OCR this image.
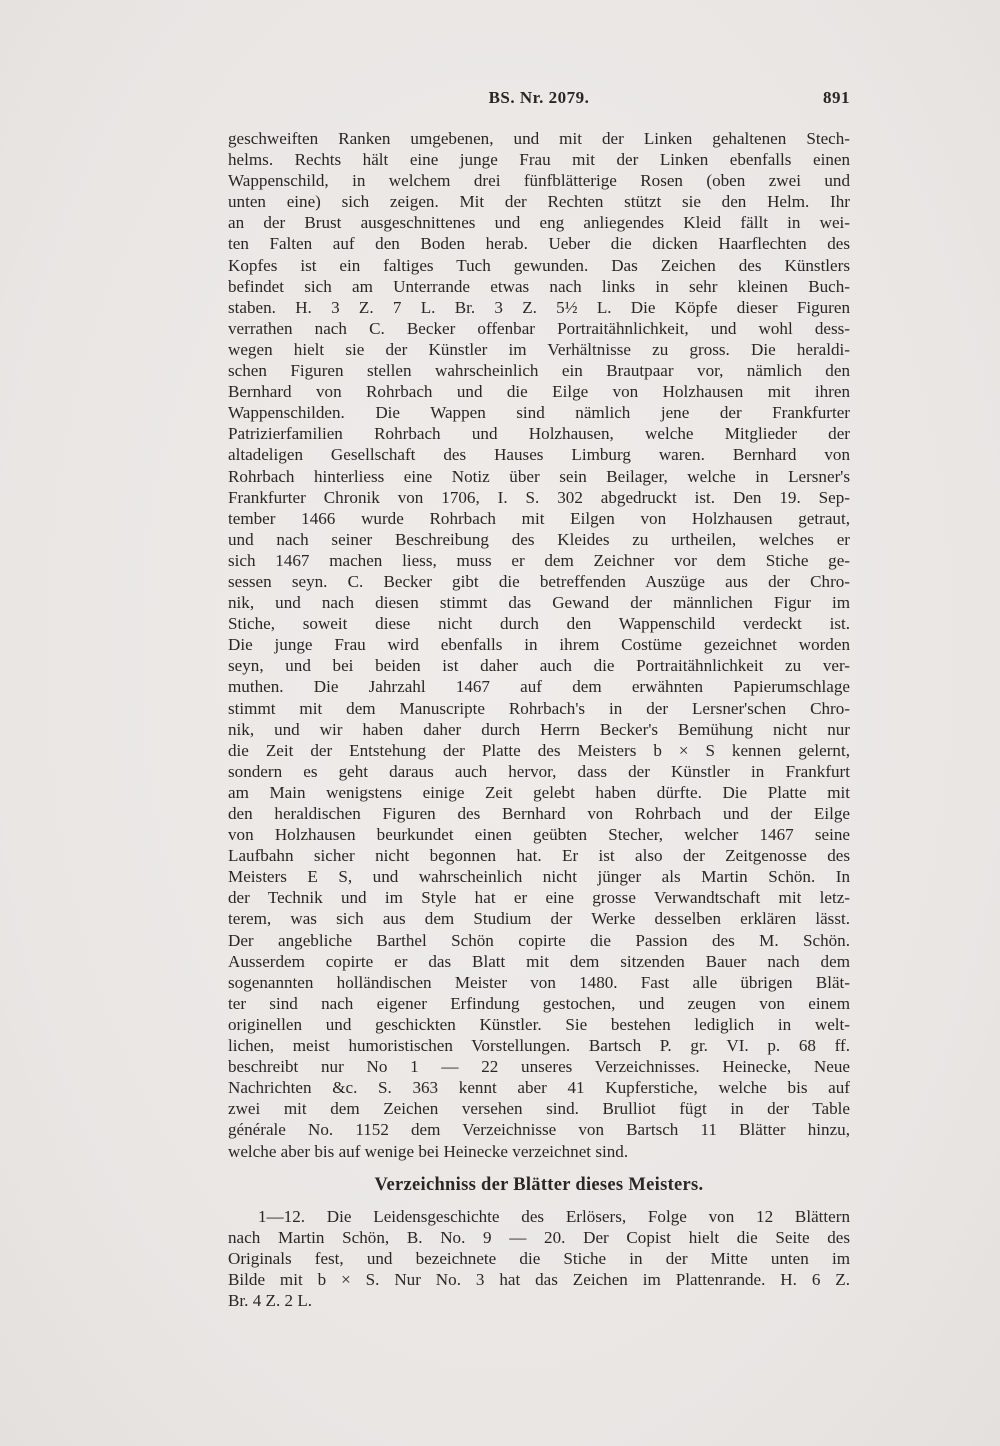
BS. Nr. 2079.	891
geschweiften Ranken umgebenen, und mit der Linken gehaltenen Stech-
helms. Rechts hält eine junge Frau mit der Linken ebenfalls einen
Wappenschild, in welchem drei fünfblätterige Rosen (oben zwei und
unten eine) sich zeigen. Mit der Rechten stützt sie den Helm. Ihr
an der Brust ausgeschnittenes und eng anliegendes Kleid fällt in wei-
ten Falten auf den Boden herab. Ueber die dicken Haarflechten des
Kopfes ist ein faltiges Tuch gewunden. Das Zeichen des Künstlers
befindet sich am Unterrande etwas nach links in sehr kleinen Buch-
staben. H. 3 Z. 7 L. Br. 3 Z. 5½ L. Die Köpfe dieser Figuren
verrathen nach C. Becker offenbar Portraitähnlichkeit, und wohl dess-
wegen hielt sie der Künstler im Verhältnisse zu gross. Die heraldi-
schen Figuren stellen wahrscheinlich ein Brautpaar vor, nämlich den
Bernhard von Rohrbach und die Eilge von Holzhausen mit ihren
Wappenschilden. Die Wappen sind nämlich jene der Frankfurter
Patrizierfamilien Rohrbach und Holzhausen, welche Mitglieder der
altadeligen Gesellschaft des Hauses Limburg waren. Bernhard von
Rohrbach hinterliess eine Notiz über sein Beilager, welche in Lersner's
Frankfurter Chronik von 1706, I. S. 302 abgedruckt ist. Den 19. Sep-
tember 1466 wurde Rohrbach mit Eilgen von Holzhausen getraut,
und nach seiner Beschreibung des Kleides zu urtheilen, welches er
sich 1467 machen liess, muss er dem Zeichner vor dem Stiche ge-
sessen seyn. C. Becker gibt die betreffenden Auszüge aus der Chro-
nik, und nach diesen stimmt das Gewand der männlichen Figur im
Stiche, soweit diese nicht durch den Wappenschild verdeckt ist.
Die junge Frau wird ebenfalls in ihrem Costüme gezeichnet worden
seyn, und bei beiden ist daher auch die Portraitähnlichkeit zu ver-
muthen. Die Jahrzahl 1467 auf dem erwähnten Papierumschlage
stimmt mit dem Manuscripte Rohrbach's in der Lersner'schen Chro-
nik, und wir haben daher durch Herrn Becker's Bemühung nicht nur
die Zeit der Entstehung der Platte des Meisters b × S kennen gelernt,
sondern es geht daraus auch hervor, dass der Künstler in Frankfurt
am Main wenigstens einige Zeit gelebt haben dürfte. Die Platte mit
den heraldischen Figuren des Bernhard von Rohrbach und der Eilge
von Holzhausen beurkundet einen geübten Stecher, welcher 1467 seine
Laufbahn sicher nicht begonnen hat. Er ist also der Zeitgenosse des
Meisters E S, und wahrscheinlich nicht jünger als Martin Schön. In
der Technik und im Style hat er eine grosse Verwandtschaft mit letz-
terem, was sich aus dem Studium der Werke desselben erklären lässt.
Der angebliche Barthel Schön copirte die Passion des M. Schön.
Ausserdem copirte er das Blatt mit dem sitzenden Bauer nach dem
sogenannten holländischen Meister von 1480. Fast alle übrigen Blät-
ter sind nach eigener Erfindung gestochen, und zeugen von einem
originellen und geschickten Künstler. Sie bestehen lediglich in welt-
lichen, meist humoristischen Vorstellungen. Bartsch P. gr. VI. p. 68 ff.
beschreibt nur No 1 — 22 unseres Verzeichnisses. Heinecke, Neue
Nachrichten &c. S. 363 kennt aber 41 Kupferstiche, welche bis auf
zwei mit dem Zeichen versehen sind. Brulliot fügt in der Table
générale No. 1152 dem Verzeichnisse von Bartsch 11 Blätter hinzu,
welche aber bis auf wenige bei Heinecke verzeichnet sind.
Verzeichniss der Blätter dieses Meisters.
1—12. Die Leidensgeschichte des Erlösers, Folge von 12 Blättern
nach Martin Schön, B. No. 9 — 20. Der Copist hielt die Seite des
Originals fest, und bezeichnete die Stiche in der Mitte unten im
Bilde mit b × S. Nur No. 3 hat das Zeichen im Plattenrande. H. 6 Z.
Br. 4 Z. 2 L.
